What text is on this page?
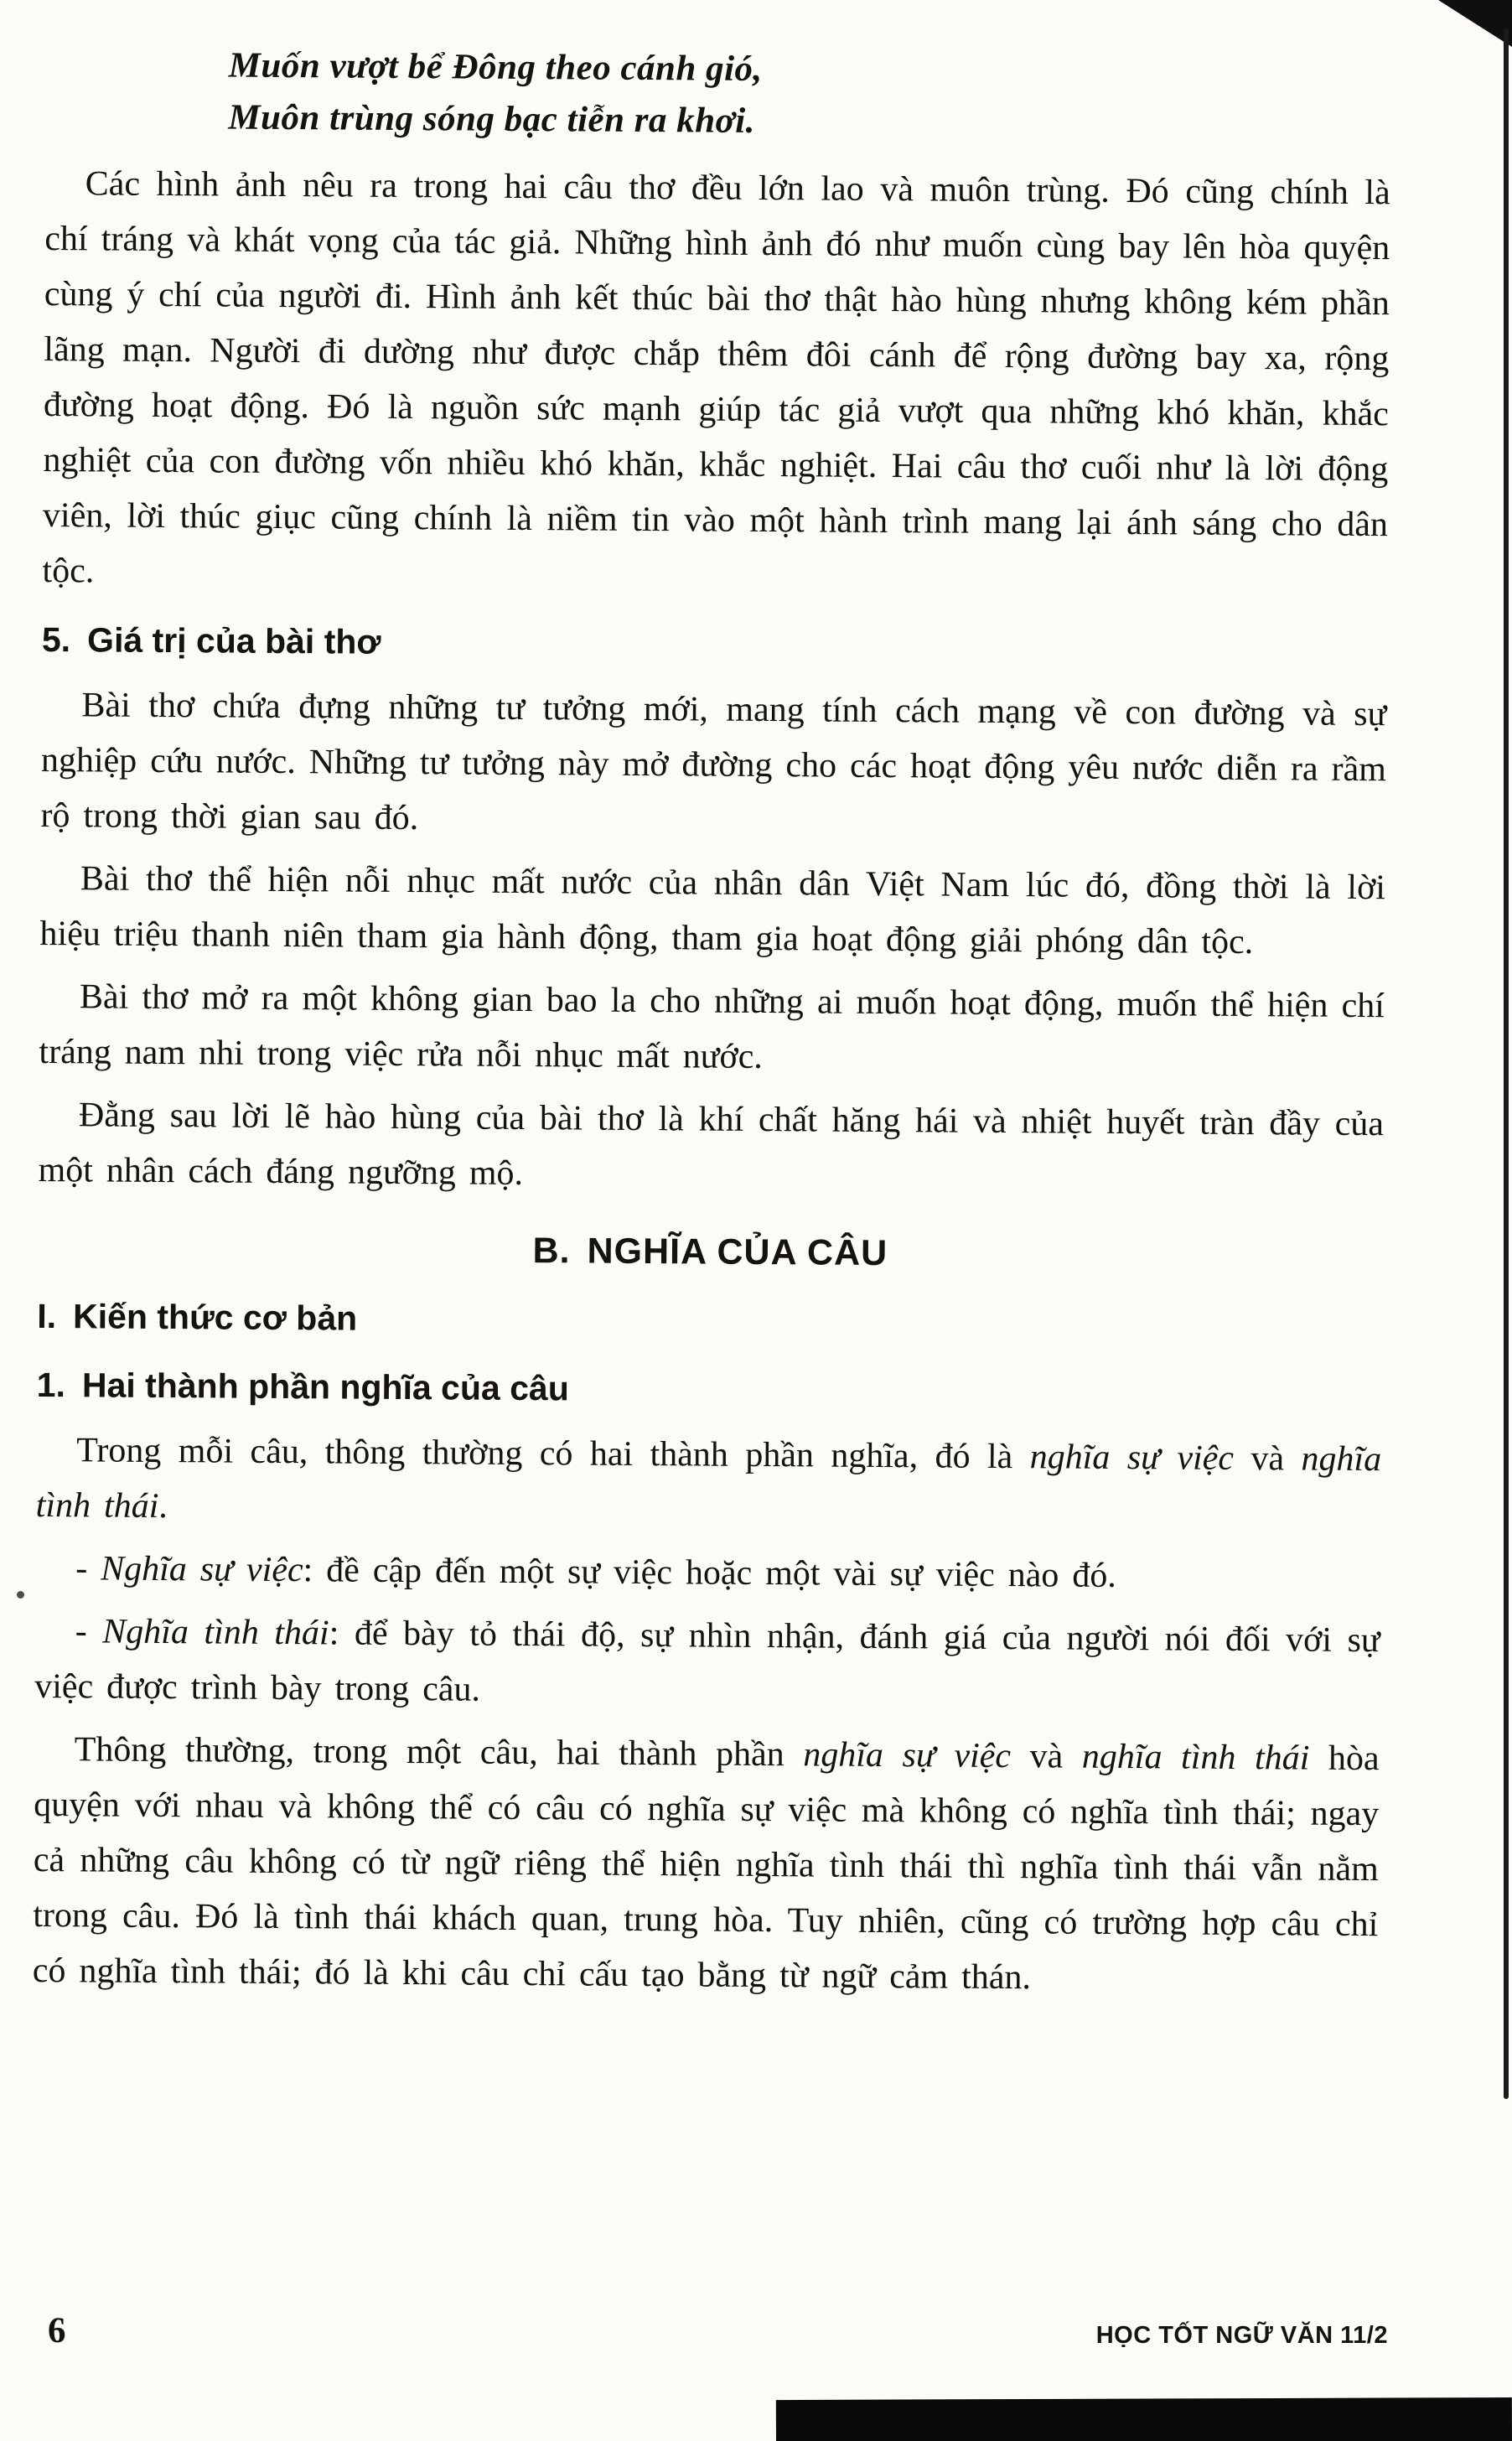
Muốn vượt bể Đông theo cánh gió,
Muôn trùng sóng bạc tiễn ra khơi.

Các hình ảnh nêu ra trong hai câu thơ đều lớn lao và muôn trùng. Đó cũng chính là chí tráng và khát vọng của tác giả. Những hình ảnh đó như muốn cùng bay lên hòa quyện cùng ý chí của người đi. Hình ảnh kết thúc bài thơ thật hào hùng nhưng không kém phần lãng mạn. Người đi dường như được chắp thêm đôi cánh để rộng đường bay xa, rộng đường hoạt động. Đó là nguồn sức mạnh giúp tác giả vượt qua những khó khăn, khắc nghiệt của con đường vốn nhiều khó khăn, khắc nghiệt. Hai câu thơ cuối như là lời động viên, lời thúc giục cũng chính là niềm tin vào một hành trình mang lại ánh sáng cho dân tộc.

5. Giá trị của bài thơ

Bài thơ chứa đựng những tư tưởng mới, mang tính cách mạng về con đường và sự nghiệp cứu nước. Những tư tưởng này mở đường cho các hoạt động yêu nước diễn ra rầm rộ trong thời gian sau đó.

Bài thơ thể hiện nỗi nhục mất nước của nhân dân Việt Nam lúc đó, đồng thời là lời hiệu triệu thanh niên tham gia hành động, tham gia hoạt động giải phóng dân tộc.

Bài thơ mở ra một không gian bao la cho những ai muốn hoạt động, muốn thể hiện chí tráng nam nhi trong việc rửa nỗi nhục mất nước.

Đằng sau lời lẽ hào hùng của bài thơ là khí chất hăng hái và nhiệt huyết tràn đầy của một nhân cách đáng ngưỡng mộ.

B. NGHĨA CỦA CÂU
I. Kiến thức cơ bản
1. Hai thành phần nghĩa của câu

Trong mỗi câu, thông thường có hai thành phần nghĩa, đó là nghĩa sự việc và nghĩa tình thái.

- Nghĩa sự việc: đề cập đến một sự việc hoặc một vài sự việc nào đó.

- Nghĩa tình thái: để bày tỏ thái độ, sự nhìn nhận, đánh giá của người nói đối với sự việc được trình bày trong câu.

Thông thường, trong một câu, hai thành phần nghĩa sự việc và nghĩa tình thái hòa quyện với nhau và không thể có câu có nghĩa sự việc mà không có nghĩa tình thái; ngay cả những câu không có từ ngữ riêng thể hiện nghĩa tình thái thì nghĩa tình thái vẫn nằm trong câu. Đó là tình thái khách quan, trung hòa. Tuy nhiên, cũng có trường hợp câu chỉ có nghĩa tình thái; đó là khi câu chỉ cấu tạo bằng từ ngữ cảm thán.

6	HỌC TỐT NGỮ VĂN 11/2
